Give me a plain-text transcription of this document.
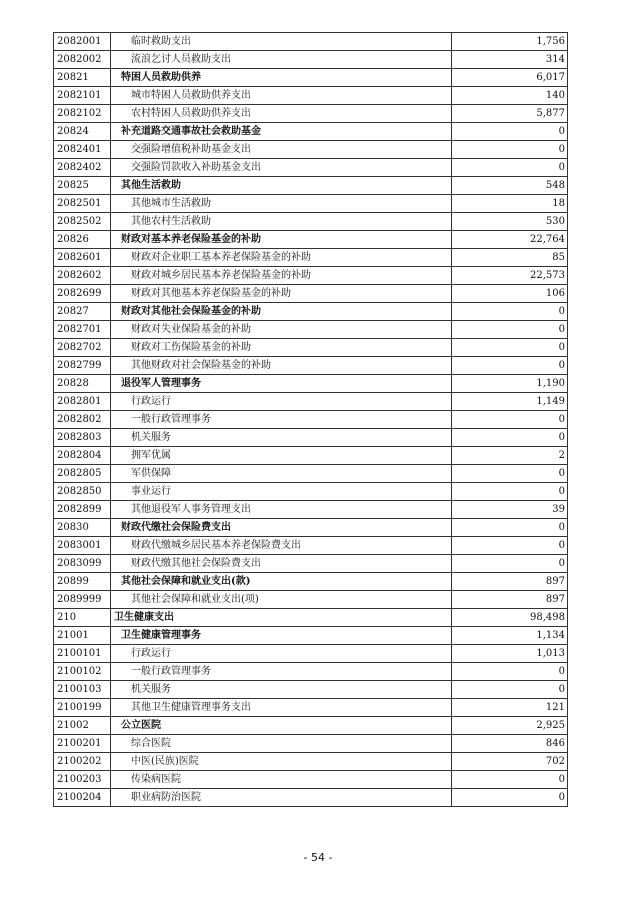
2082001	临时救助支出	1,756
2082002	流浪乞讨人员救助支出	314
20821	特困人员救助供养	6,017
2082101	城市特困人员救助供养支出	140
2082102	农村特困人员救助供养支出	5,877
20824	补充道路交通事故社会救助基金	0
2082401	交强险增值税补助基金支出	0
2082402	交强险罚款收入补助基金支出	0
20825	其他生活救助	548
2082501	其他城市生活救助	18
2082502	其他农村生活救助	530
20826	财政对基本养老保险基金的补助	22,764
2082601	财政对企业职工基本养老保险基金的补助	85
2082602	财政对城乡居民基本养老保险基金的补助	22,573
2082699	财政对其他基本养老保险基金的补助	106
20827	财政对其他社会保险基金的补助	0
2082701	财政对失业保险基金的补助	0
2082702	财政对工伤保险基金的补助	0
2082799	其他财政对社会保险基金的补助	0
20828	退役军人管理事务	1,190
2082801	行政运行	1,149
2082802	一般行政管理事务	0
2082803	机关服务	0
2082804	拥军优属	2
2082805	军供保障	0
2082850	事业运行	0
2082899	其他退役军人事务管理支出	39
20830	财政代缴社会保险费支出	0
2083001	财政代缴城乡居民基本养老保险费支出	0
2083099	财政代缴其他社会保险费支出	0
20899	其他社会保障和就业支出(款)	897
2089999	其他社会保障和就业支出(项)	897
210	卫生健康支出	98,498
21001	卫生健康管理事务	1,134
2100101	行政运行	1,013
2100102	一般行政管理事务	0
2100103	机关服务	0
2100199	其他卫生健康管理事务支出	121
21002	公立医院	2,925
2100201	综合医院	846
2100202	中医(民族)医院	702
2100203	传染病医院	0
2100204	职业病防治医院	0
- 54 -
